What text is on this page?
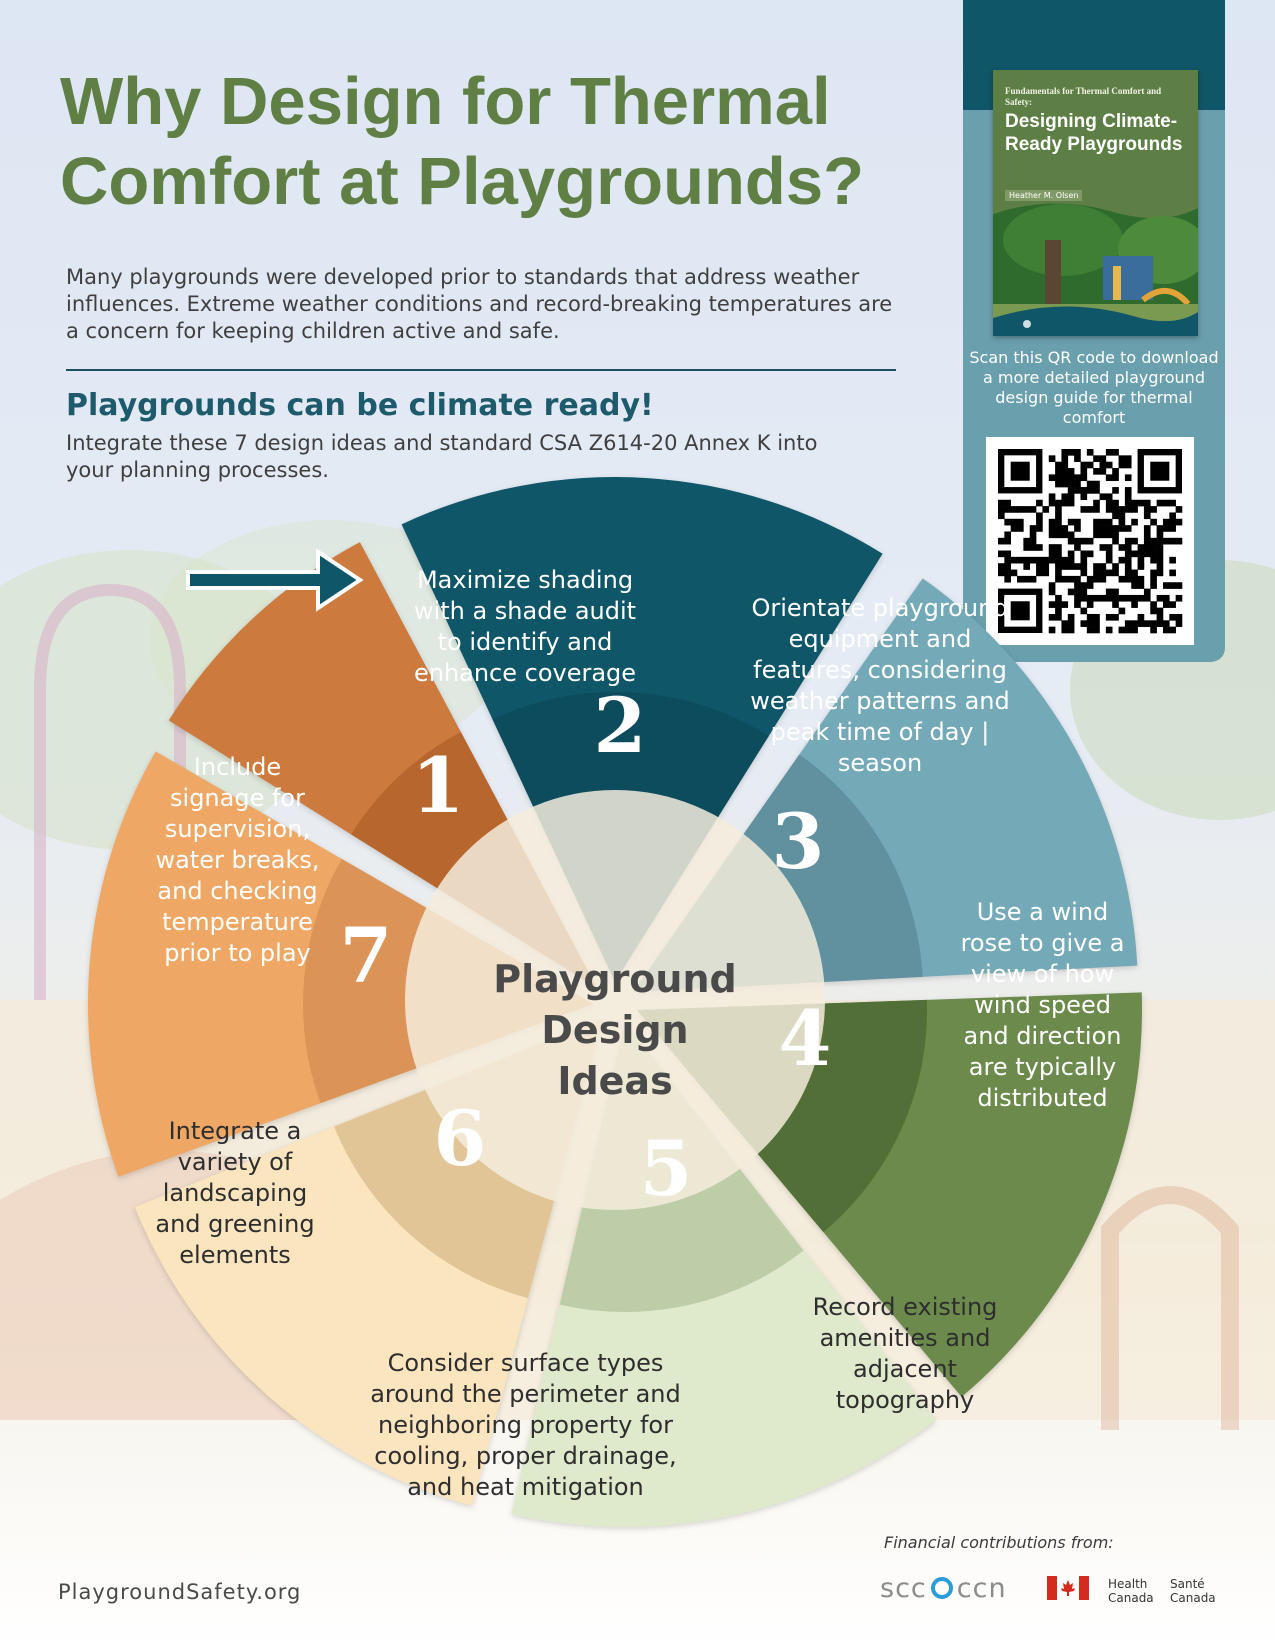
Why Design for Thermal Comfort at Playgrounds?

Many playgrounds were developed prior to standards that address weather influences. Extreme weather conditions and record-breaking temperatures are a concern for keeping children active and safe.

Playgrounds can be climate ready!

Integrate these 7 design ideas and standard CSA Z614-20 Annex K into your planning processes.

Fundamentals for Thermal Comfort and Safety:
Designing Climate-Ready Playgrounds
Heather M. Olsen

Scan this QR code to download a more detailed playground design guide for thermal comfort

1
2
3
4
5
6
7

Maximize shading with a shade audit to identify and enhance coverage

Orientate playground equipment and features, considering weather patterns and peak time of day | season

Use a wind rose to give a view of how wind speed and direction are typically distributed

Record existing amenities and adjacent topography

Consider surface types around the perimeter and neighboring property for cooling, proper drainage, and heat mitigation

Integrate a variety of landscaping and greening elements

Include signage for supervision, water breaks, and checking temperature prior to play

Playground Design Ideas

PlaygroundSafety.org
Financial contributions from:
scc ccn	Health Canada
Santé Canada
